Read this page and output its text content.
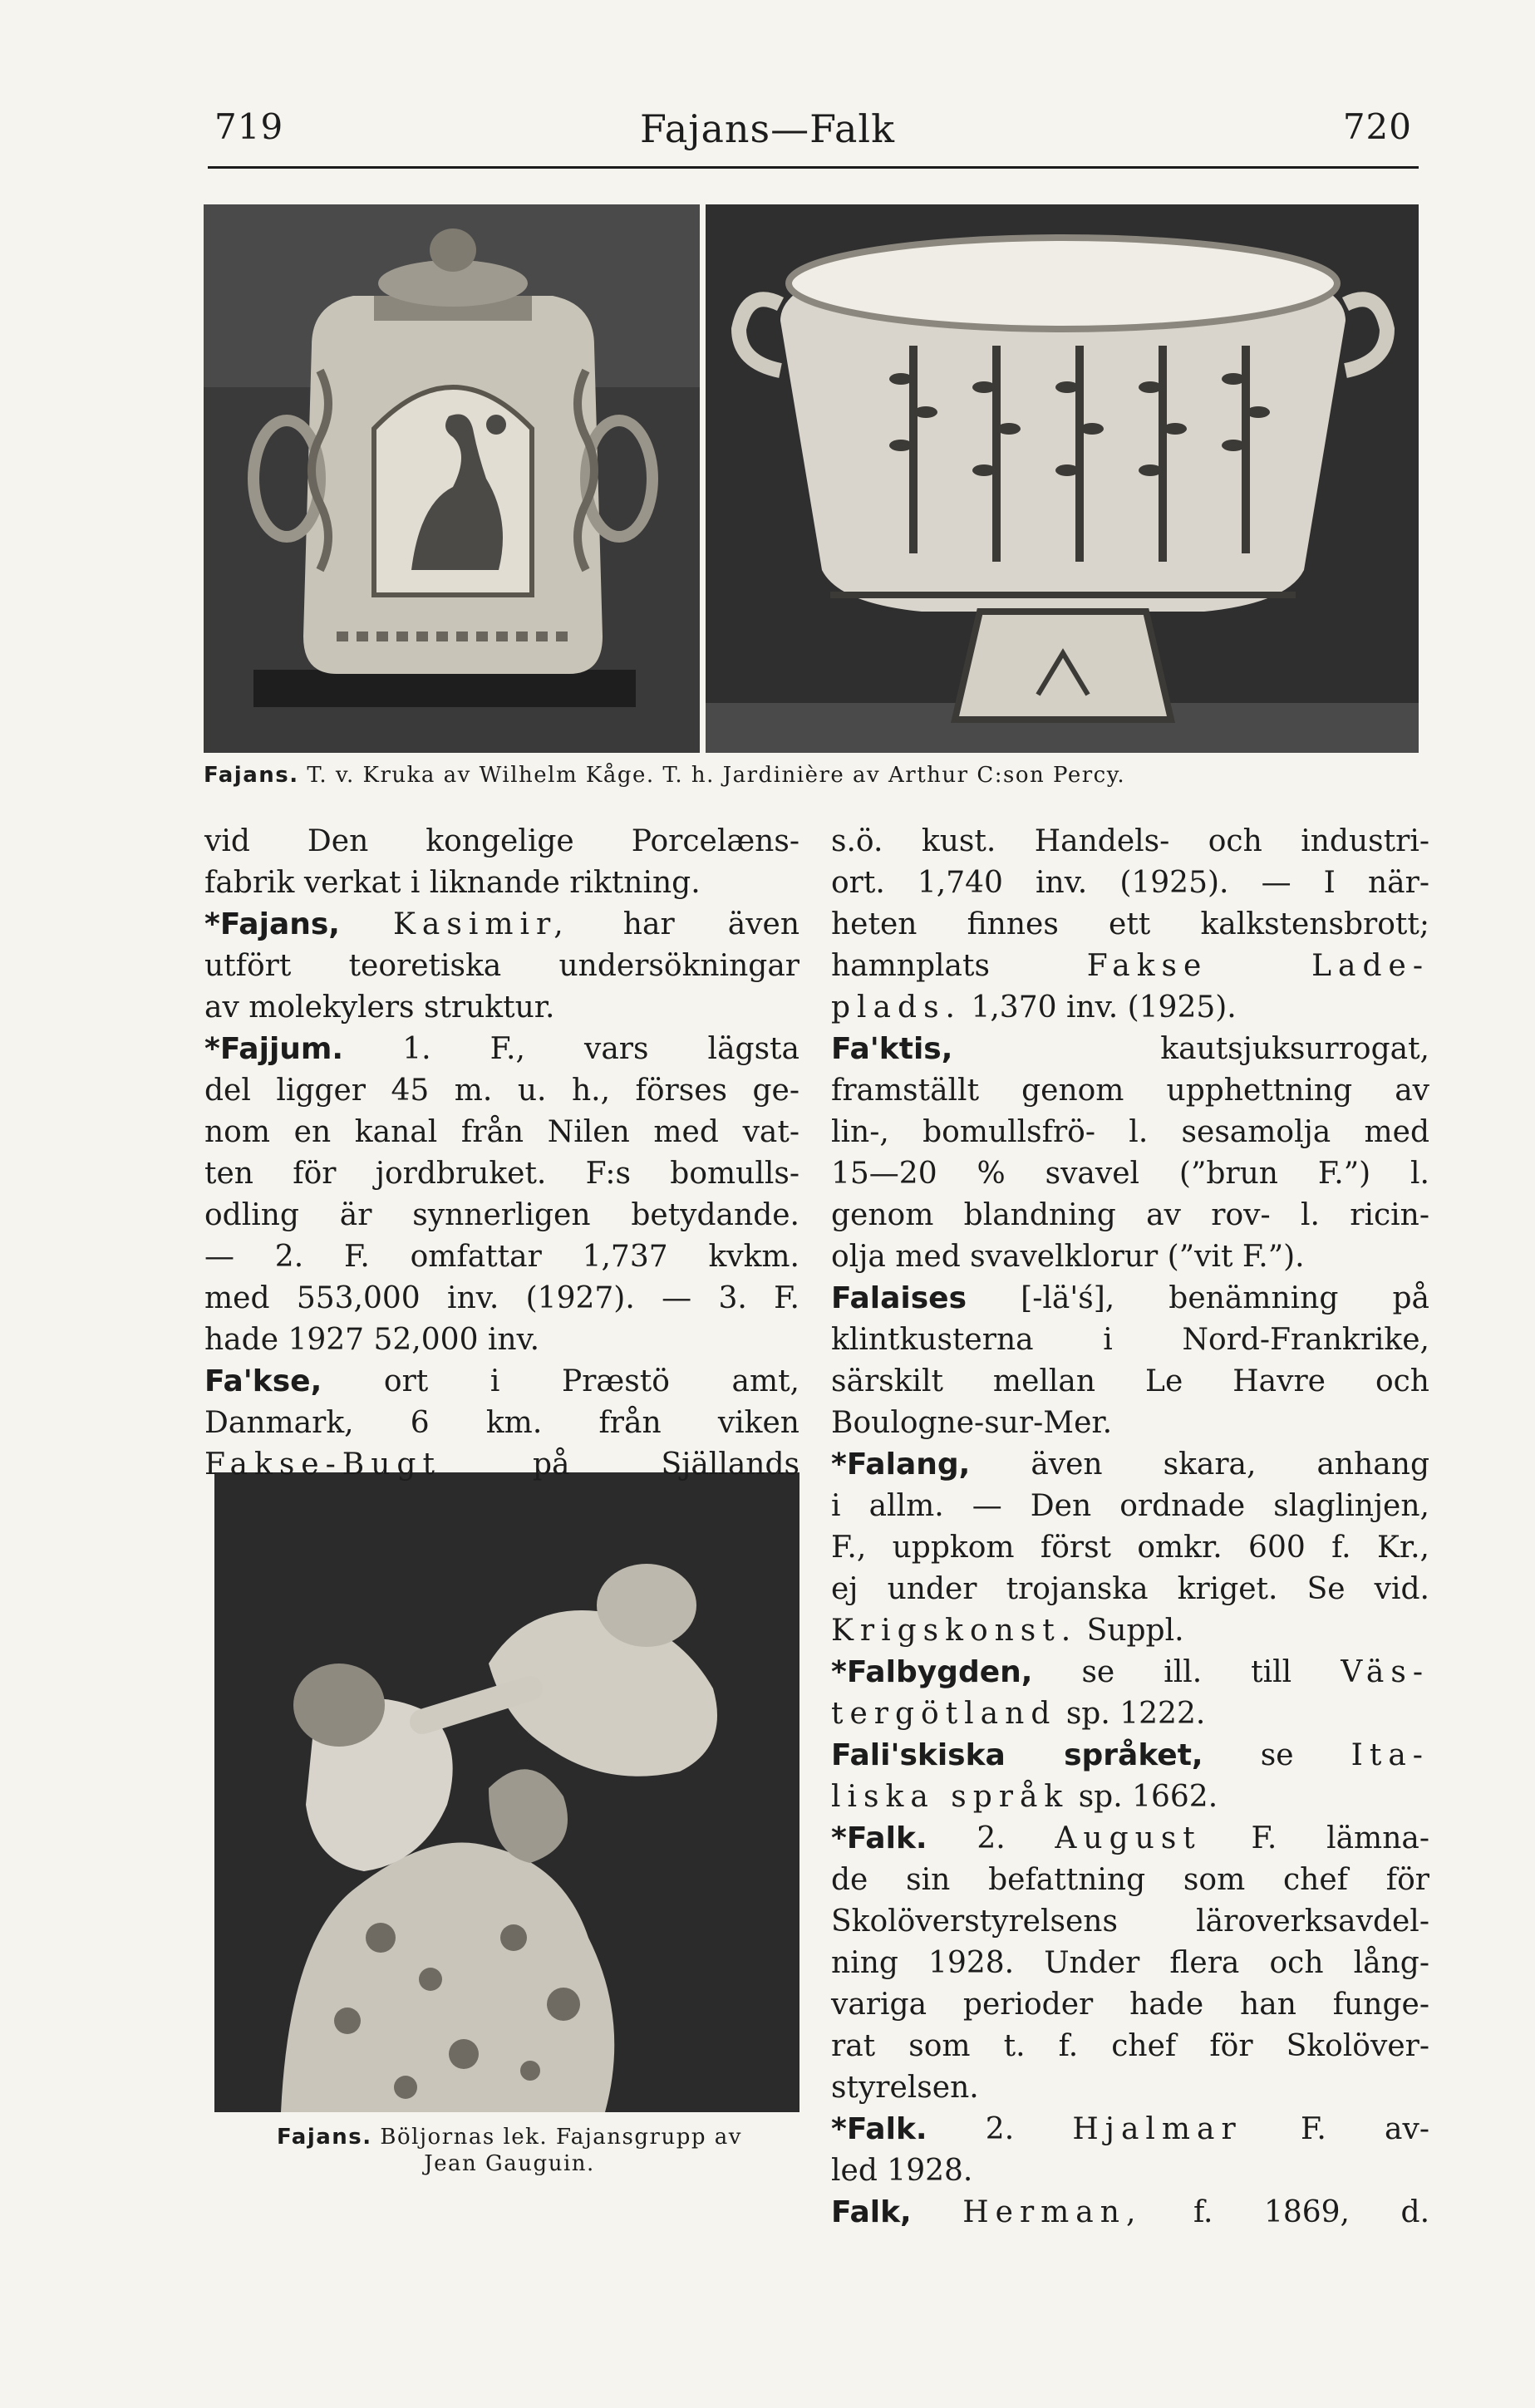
719	Fajans—Falk	720
Fajans. T. v. Kruka av Wilhelm Kåge. T. h. Jardinière av Arthur C:son Percy.
Fajans. Böljornas lek. Fajansgrupp av
Jean Gauguin.
vid Den kongelige Porcelæns-
fabrik verkat i liknande riktning.
*Fajans, Kasimir, har även
utfört teoretiska undersökningar
av molekylers struktur.
*Fajjum. 1. F., vars lägsta
del ligger 45 m. u. h., förses ge-
nom en kanal från Nilen med vat-
ten för jordbruket. F:s bomulls-
odling är synnerligen betydande.
— 2. F. omfattar 1,737 kvkm.
med 553,000 inv. (1927). — 3. F.
hade 1927 52,000 inv.
Fa'kse, ort i Præstö amt,
Danmark, 6 km. från viken
Fakse-Bugt	på Själlands
s.ö. kust. Handels- och industri-
ort. 1,740 inv. (1925). — I när-
heten finnes ett kalkstensbrott;
hamnplats	Fakse Lade-
plads. 1,370 inv. (1925).
Fa'ktis,	kautsjuksurrogat,
framställt genom upphettning av
lin-, bomullsfrö- l. sesamolja med
15—20 % svavel (”brun F.”) l.
genom blandning av rov- l. ricin-
olja med svavelklorur (”vit F.”).
Falaises [-lä'ś], benämning på
klintkusterna i Nord-Frankrike,
särskilt mellan Le Havre och
Boulogne-sur-Mer.
*Falang, även skara, anhang
i allm. — Den ordnade slaglinjen,
F., uppkom först omkr. 600 f. Kr.,
ej under trojanska kriget. Se vid.
Krigskonst. Suppl.
*Falbygden, se ill. till Väs-
tergötland sp. 1222.
Fali'skiska språket, se Ita-
liska språk sp. 1662.
*Falk. 2. August F. lämna-
de sin befattning som chef för
Skolöverstyrelsens läroverksavdel-
ning 1928. Under flera och lång-
variga perioder hade han funge-
rat som t. f. chef för Skolöver-
styrelsen.
*Falk. 2. Hjalmar F. av-
led 1928.
Falk, Herman, f. 1869, d.
